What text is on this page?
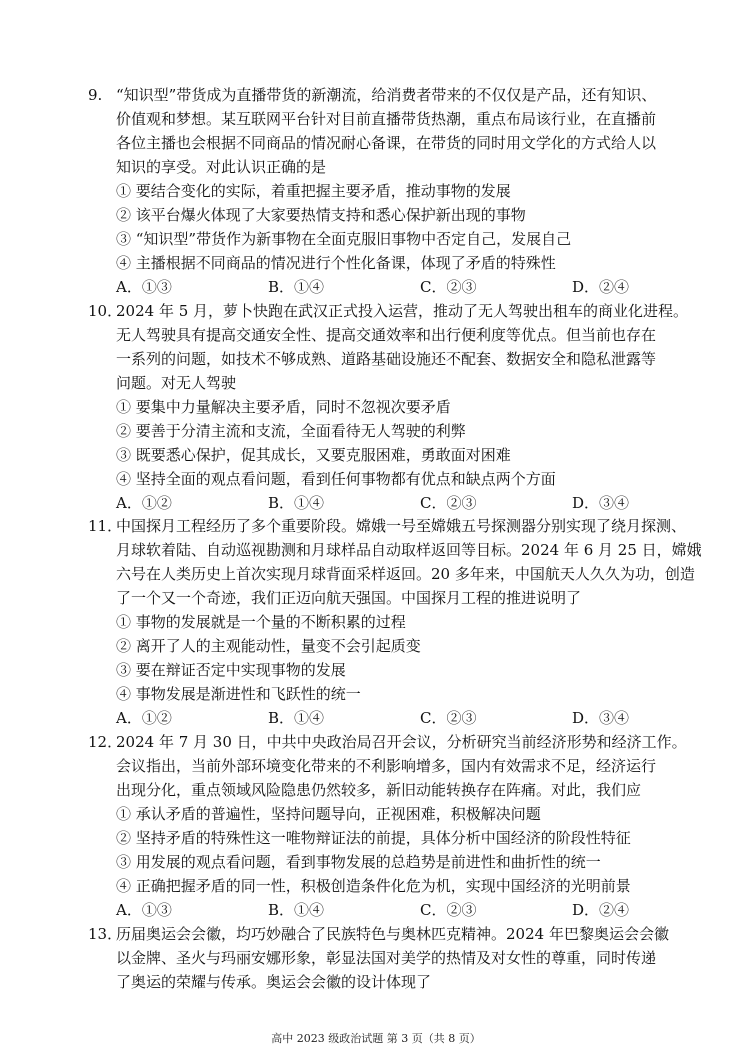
9. “知识型”带货成为直播带货的新潮流，给消费者带来的不仅仅是产品，还有知识、
价值观和梦想。某互联网平台针对目前直播带货热潮，重点布局该行业，在直播前
各位主播也会根据不同商品的情况耐心备课，在带货的同时用文学化的方式给人以
知识的享受。对此认识正确的是
① 要结合变化的实际，着重把握主要矛盾，推动事物的发展
② 该平台爆火体现了大家要热情支持和悉心保护新出现的事物
③ “知识型”带货作为新事物在全面克服旧事物中否定自己，发展自己
④ 主播根据不同商品的情况进行个性化备课，体现了矛盾的特殊性
A．①③	B．①④	C．②③	D．②④
10．2024 年 5 月，萝卜快跑在武汉正式投入运营，推动了无人驾驶出租车的商业化进程。
无人驾驶具有提高交通安全性、提高交通效率和出行便利度等优点。但当前也存在
一系列的问题，如技术不够成熟、道路基础设施还不配套、数据安全和隐私泄露等
问题。对无人驾驶
① 要集中力量解决主要矛盾，同时不忽视次要矛盾
② 要善于分清主流和支流，全面看待无人驾驶的利弊
③ 既要悉心保护，促其成长，又要克服困难，勇敢面对困难
④ 坚持全面的观点看问题，看到任何事物都有优点和缺点两个方面
A．①②	B．①④	C．②③	D．③④
11．中国探月工程经历了多个重要阶段。嫦娥一号至嫦娥五号探测器分别实现了绕月探测、
月球软着陆、自动巡视勘测和月球样品自动取样返回等目标。2024 年 6 月 25 日，嫦娥
六号在人类历史上首次实现月球背面采样返回。20 多年来，中国航天人久久为功，创造
了一个又一个奇迹，我们正迈向航天强国。中国探月工程的推进说明了
① 事物的发展就是一个量的不断积累的过程
② 离开了人的主观能动性，量变不会引起质变
③ 要在辩证否定中实现事物的发展
④ 事物发展是渐进性和飞跃性的统一
A．①②	B．①④	C．②③	D．③④
12．2024 年 7 月 30 日，中共中央政治局召开会议，分析研究当前经济形势和经济工作。
会议指出，当前外部环境变化带来的不利影响增多，国内有效需求不足，经济运行
出现分化，重点领域风险隐患仍然较多，新旧动能转换存在阵痛。对此，我们应
① 承认矛盾的普遍性，坚持问题导向，正视困难，积极解决问题
② 坚持矛盾的特殊性这一唯物辩证法的前提，具体分析中国经济的阶段性特征
③ 用发展的观点看问题，看到事物发展的总趋势是前进性和曲折性的统一
④ 正确把握矛盾的同一性，积极创造条件化危为机，实现中国经济的光明前景
A．①③	B．①④	C．②③	D．②④
13．历届奥运会会徽，均巧妙融合了民族特色与奥林匹克精神。2024 年巴黎奥运会会徽
以金牌、圣火与玛丽安娜形象，彰显法国对美学的热情及对女性的尊重，同时传递
了奥运的荣耀与传承。奥运会会徽的设计体现了
高中 2023 级政治试题 第 3 页（共 8 页）
